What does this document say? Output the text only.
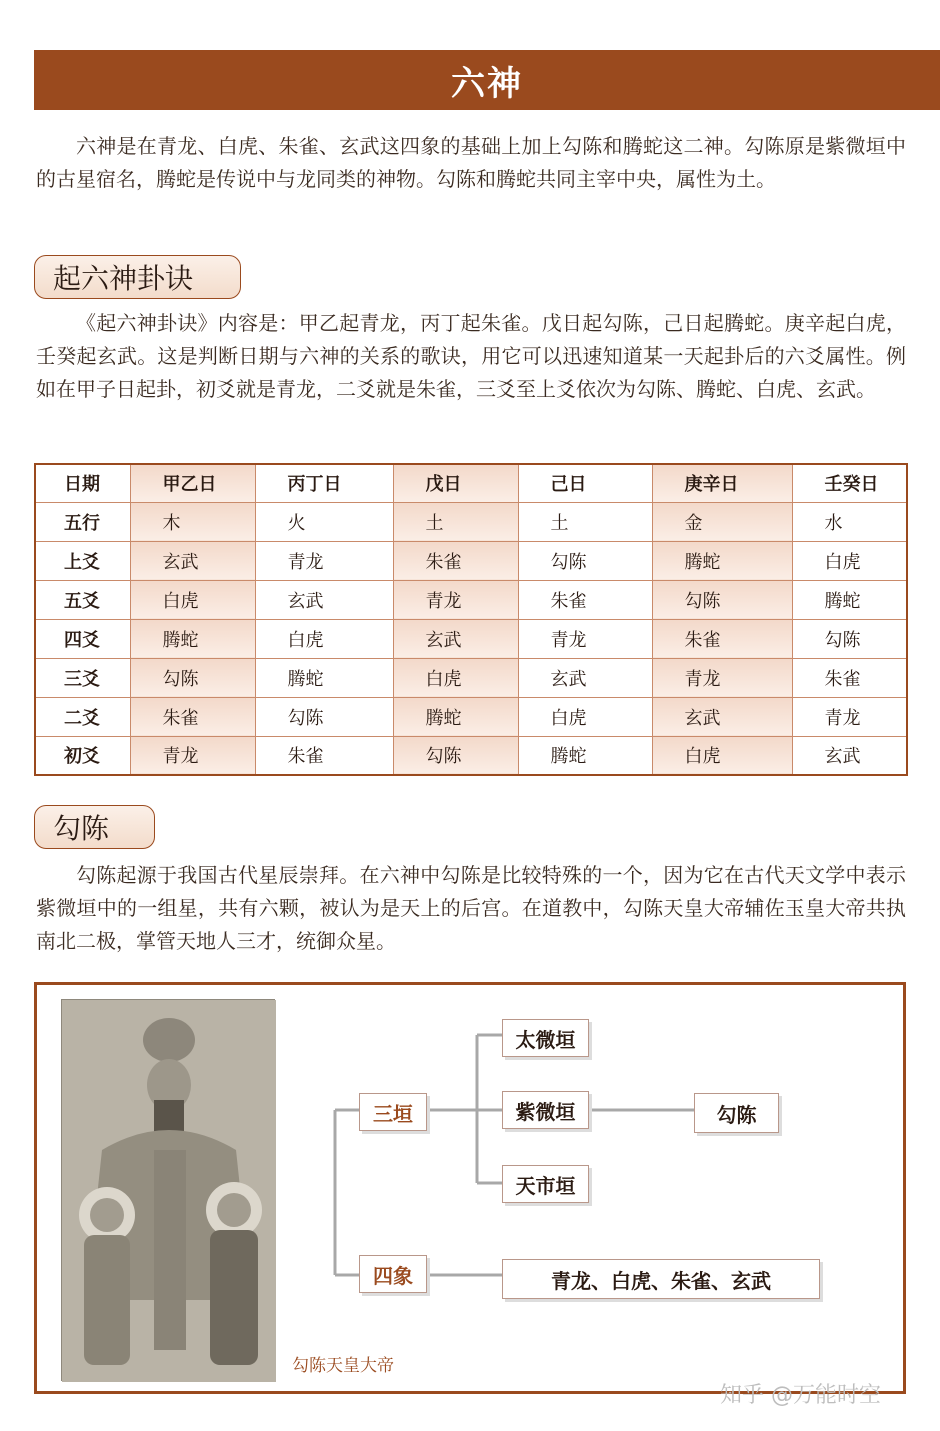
六神

六神是在青龙、白虎、朱雀、玄武这四象的基础上加上勾陈和腾蛇这二神。勾陈原是紫微垣中的古星宿名，腾蛇是传说中与龙同类的神物。勾陈和腾蛇共同主宰中央，属性为土。

起六神卦诀

《起六神卦诀》内容是：甲乙起青龙，丙丁起朱雀。戊日起勾陈，己日起腾蛇。庚辛起白虎，壬癸起玄武。这是判断日期与六神的关系的歌诀，用它可以迅速知道某一天起卦后的六爻属性。例如在甲子日起卦，初爻就是青龙，二爻就是朱雀，三爻至上爻依次为勾陈、腾蛇、白虎、玄武。

日期	甲乙日	丙丁日	戊日	己日	庚辛日	壬癸日
五行	木	火	土	土	金	水
上爻	玄武	青龙	朱雀	勾陈	腾蛇	白虎
五爻	白虎	玄武	青龙	朱雀	勾陈	腾蛇
四爻	腾蛇	白虎	玄武	青龙	朱雀	勾陈
三爻	勾陈	腾蛇	白虎	玄武	青龙	朱雀
二爻	朱雀	勾陈	腾蛇	白虎	玄武	青龙
初爻	青龙	朱雀	勾陈	腾蛇	白虎	玄武
勾陈

勾陈起源于我国古代星辰崇拜。在六神中勾陈是比较特殊的一个，因为它在古代天文学中表示紫微垣中的一组星，共有六颗，被认为是天上的后宫。在道教中，勾陈天皇大帝辅佐玉皇大帝共执南北二极，掌管天地人三才，统御众星。

三垣
四象
太微垣
紫微垣
天市垣
勾陈
青龙、白虎、朱雀、玄武
勾陈天皇大帝
知乎 @万能时空
